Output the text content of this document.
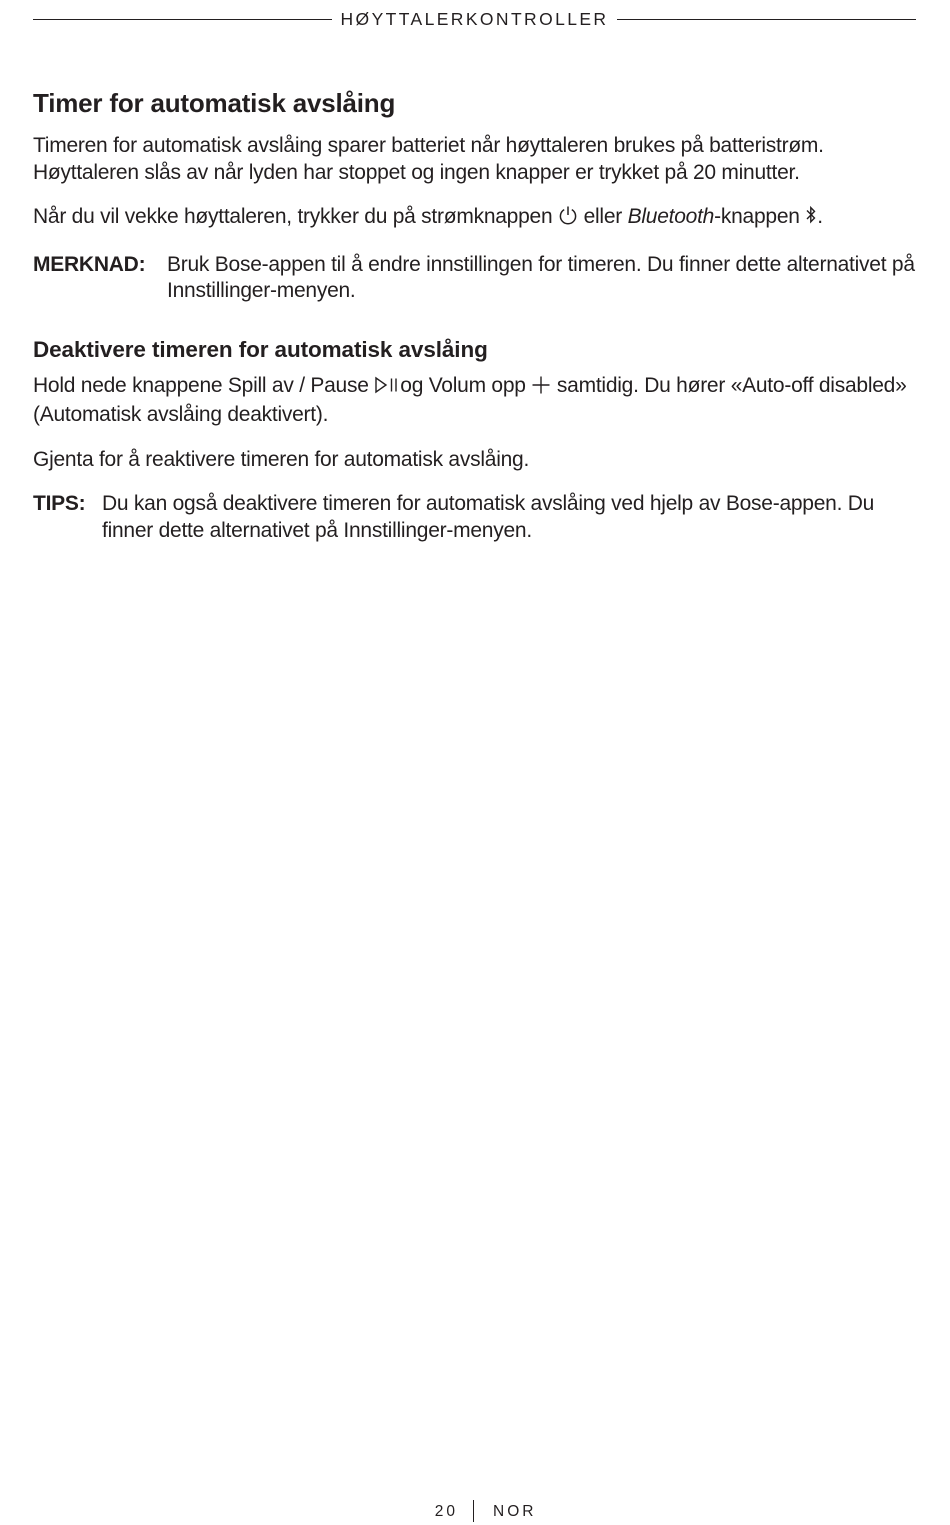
HØYTTALERKONTROLLER
Timer for automatisk avslåing

Timeren for automatisk avslåing sparer batteriet når høyttaleren brukes på batteristrøm. Høyttaleren slås av når lyden har stoppet og ingen knapper er trykket på 20 minutter.

Når du vil vekke høyttaleren, trykker du på strømknappen eller Bluetooth-knappen .

MERKNAD:	Bruk Bose-appen til å endre innstillingen for timeren. Du finner dette alternativet på Innstillinger-menyen.
Deaktivere timeren for automatisk avslåing

Hold nede knappene Spill av / Pause og Volum opp samtidig. Du hører «Auto-off disabled» (Automatisk avslåing deaktivert).

Gjenta for å reaktivere timeren for automatisk avslåing.

TIPS: Du kan også deaktivere timeren for automatisk avslåing ved hjelp av Bose-appen. Du finner dette alternativet på Innstillinger-menyen.
20 NOR
